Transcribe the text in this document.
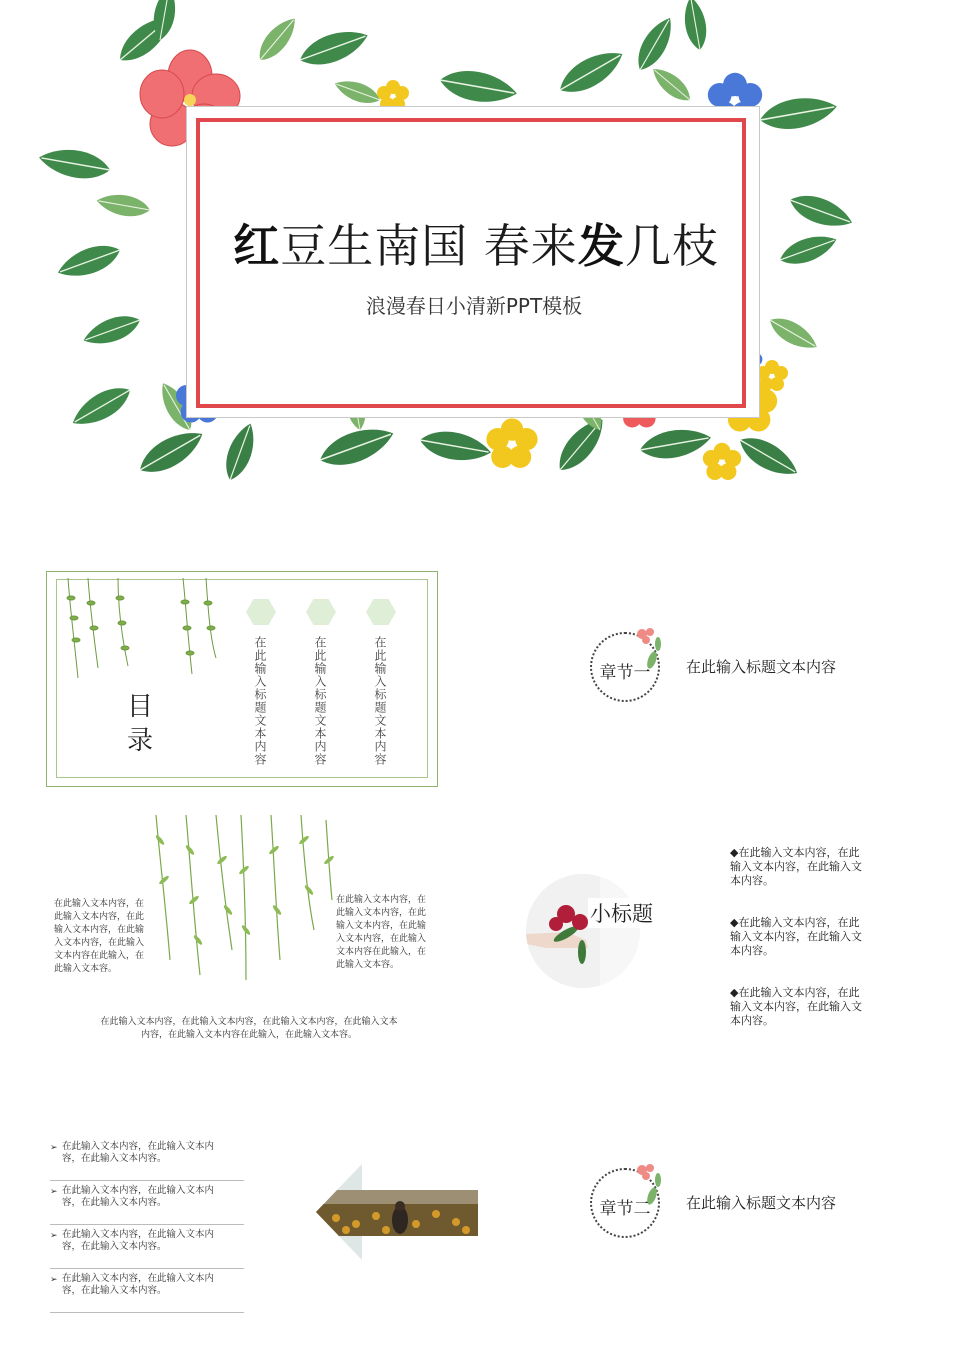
红豆生南国 春来发几枝
浪漫春日小清新PPT模板
目
录	在此输入标题文本内容	在此输入标题文本内容	在此输入标题文本内容	章节一	在此输入标题文本内容
在此输入文本内容，在此输入文本内容，在此输入文本内容，在此输入文本内容，在此输入文本内容在此输入，在此输入文本容。
在此输入文本内容，在此输入文本内容，在此输入文本内容，在此输入文本内容，在此输入文本内容在此输入，在此输入文本容。
在此输入文本内容，在此输入文本内容，在此输入文本内容，在此输入文本
内容，在此输入文本内容在此输入，在此输入文本容。
小标题
◆在此输入文本内容，在此输入文本内容，在此输入文本内容。
◆在此输入文本内容，在此输入文本内容，在此输入文本内容。
◆在此输入文本内容，在此输入文本内容，在此输入文本内容。
➢ 在此输入文本内容，在此输入文本内容，在此输入文本内容。
➢ 在此输入文本内容，在此输入文本内容，在此输入文本内容。
➢ 在此输入文本内容，在此输入文本内容，在此输入文本内容。
➢ 在此输入文本内容，在此输入文本内容，在此输入文本内容。
章节二	在此输入标题文本内容
